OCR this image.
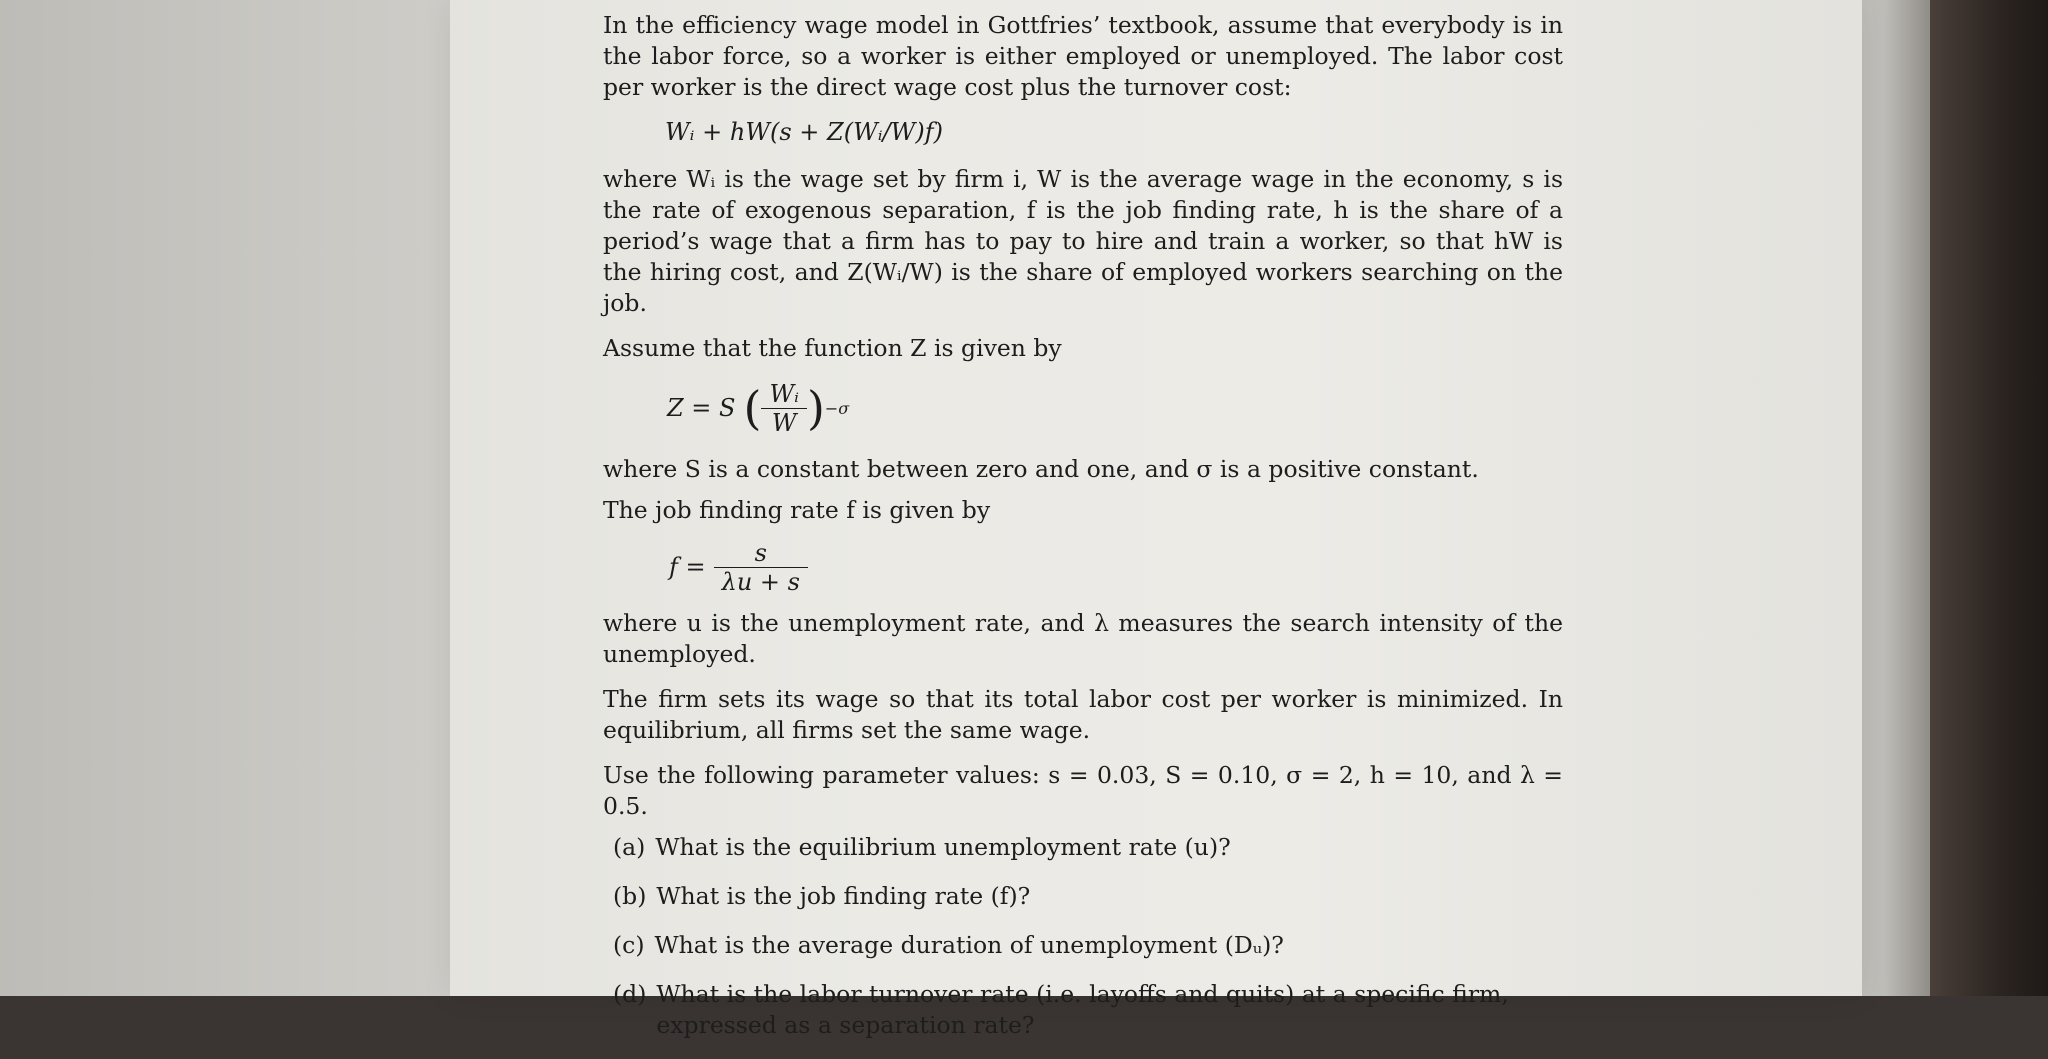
In the efficiency wage model in Gottfries’ textbook, assume that everybody is in the labor force, so a worker is either employed or unemployed. The labor cost per worker is the direct wage cost plus the turnover cost:

Wᵢ + hW(s + Z(Wᵢ/W)f)

where Wᵢ is the wage set by firm i, W is the average wage in the economy, s is the rate of exogenous separation, f is the job finding rate, h is the share of a period’s wage that a firm has to pay to hire and train a worker, so that hW is the hiring cost, and Z(Wᵢ/W) is the share of employed workers searching on the job.

Assume that the function Z is given by

Z = S ( $\frac{\text{Wᵢ}}{W}$ ) −σ

where S is a constant between zero and one, and σ is a positive constant.

The job finding rate f is given by

$f = \frac{s}{\lambda u + s}$

where u is the unemployment rate, and λ measures the search intensity of the unemployed.

The firm sets its wage so that its total labor cost per worker is minimized. In equilibrium, all firms set the same wage.

Use the following parameter values: s = 0.03, S = 0.10, σ = 2, h = 10, and λ = 0.5.

(a) What is the equilibrium unemployment rate (u)?
(b) What is the job finding rate (f)?
(c) What is the average duration of unemployment (Dᵤ)?
(d) What is the labor turnover rate (i.e. layoffs and quits) at a specific firm, expressed as a separation rate?
